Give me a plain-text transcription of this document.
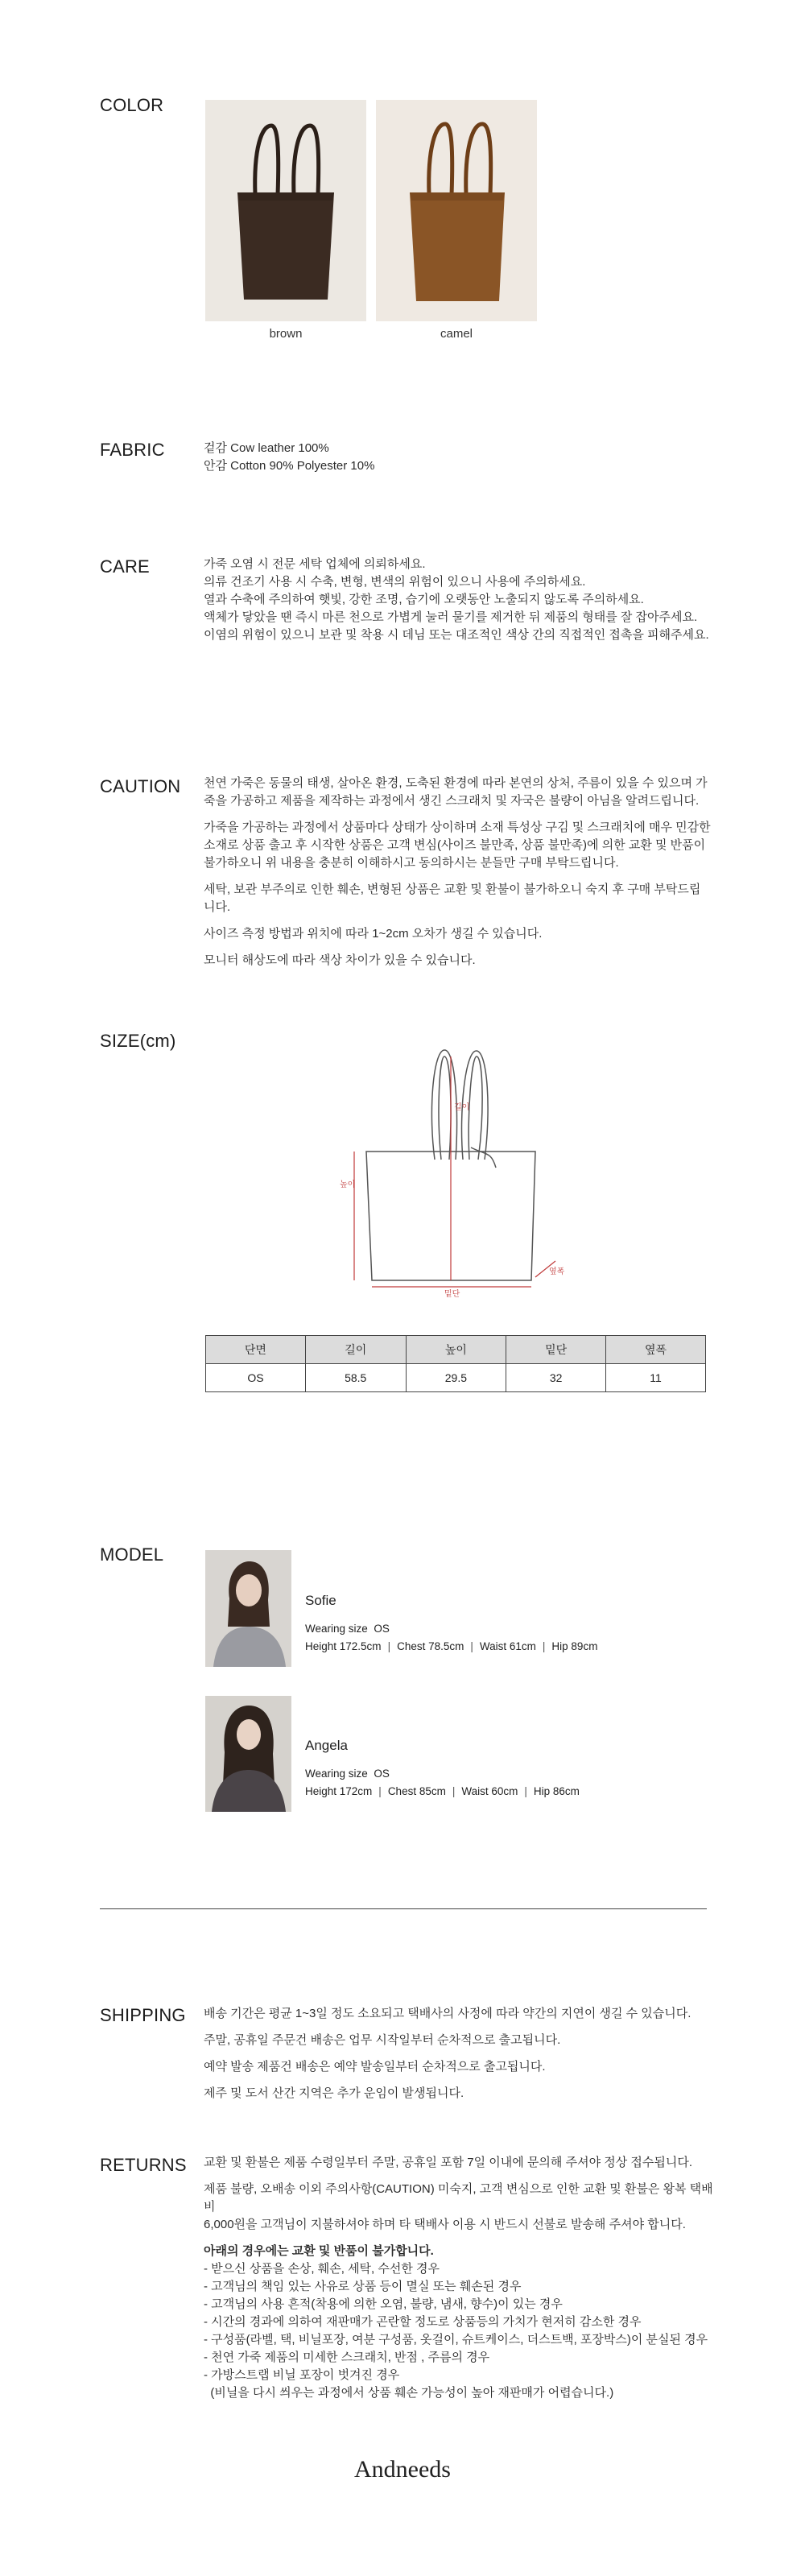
COLOR
brown	camel
FABRIC	겉감 Cow leather 100%
안감 Cotton 90% Polyester 10%
CARE	가죽 오염 시 전문 세탁 업체에 의뢰하세요.
의류 건조기 사용 시 수축, 변형, 변색의 위험이 있으니 사용에 주의하세요.
열과 수축에 주의하여 햇빛, 강한 조명, 습기에 오랫동안 노출되지 않도록 주의하세요.
액체가 닿았을 땐 즉시 마른 천으로 가볍게 눌러 물기를 제거한 뒤 제품의 형태를 잘 잡아주세요.
이염의 위험이 있으니 보관 및 착용 시 데님 또는 대조적인 색상 간의 직접적인 접촉을 피해주세요.
CAUTION 천연 가죽은 동물의 태생, 살아온 환경, 도축된 환경에 따라 본연의 상처, 주름이 있을 수 있으며 가
죽을 가공하고 제품을 제작하는 과정에서 생긴 스크래치 및 자국은 불량이 아님을 알려드립니다.
가죽을 가공하는 과정에서 상품마다 상태가 상이하며 소재 특성상 구김 및 스크래치에 매우 민감한
소재로 상품 출고 후 시작한 상품은 고객 변심(사이즈 불만족, 상품 불만족)에 의한 교환 및 반품이
불가하오니 위 내용을 충분히 이해하시고 동의하시는 분들만 구매 부탁드립니다.
세탁, 보관 부주의로 인한 훼손, 변형된 상품은 교환 및 환불이 불가하오니 숙지 후 구매 부탁드립니다.
사이즈 측정 방법과 위치에 따라 1~2cm 오차가 생길 수 있습니다.
모니터 해상도에 따라 색상 차이가 있을 수 있습니다.
SIZE(cm)
길이
높이
밑단
옆폭
단면	길이	높이	밑단	옆폭
OS	58.5	29.5	32	11
MODEL
Sofie
Wearing size OS
Height 172.5cm | Chest 78.5cm | Waist 61cm | Hip 89cm
Angela
Wearing size OS
Height 172cm | Chest 85cm | Waist 60cm | Hip 86cm
SHIPPING 배송 기간은 평균 1~3일 정도 소요되고 택배사의 사정에 따라 약간의 지연이 생길 수 있습니다.
주말, 공휴일 주문건 배송은 업무 시작일부터 순차적으로 출고됩니다.
예약 발송 제품건 배송은 예약 발송일부터 순차적으로 출고됩니다.
제주 및 도서 산간 지역은 추가 운임이 발생됩니다.
RETURNS 교환 및 환불은 제품 수령일부터 주말, 공휴일 포함 7일 이내에 문의해 주셔야 정상 접수됩니다.
제품 불량, 오배송 이외 주의사항(CAUTION) 미숙지, 고객 변심으로 인한 교환 및 환불은 왕복 택배비
6,000원을 고객님이 지불하셔야 하며 타 택배사 이용 시 반드시 선불로 발송해 주셔야 합니다.
아래의 경우에는 교환 및 반품이 불가합니다.
- 받으신 상품을 손상, 훼손, 세탁, 수선한 경우
- 고객님의 책임 있는 사유로 상품 등이 멸실 또는 훼손된 경우
- 고객님의 사용 흔적(착용에 의한 오염, 불량, 냄새, 향수)이 있는 경우
- 시간의 경과에 의하여 재판매가 곤란할 정도로 상품등의 가치가 현저히 감소한 경우
- 구성품(라벨, 택, 비닐포장, 여분 구성품, 옷걸이, 슈트케이스, 더스트백, 포장박스)이 분실된 경우
- 천연 가죽 제품의 미세한 스크래치, 반점 , 주름의 경우
- 가방스트랩 비닐 포장이 벗겨진 경우
(비닐을 다시 씌우는 과정에서 상품 훼손 가능성이 높아 재판매가 어렵습니다.)
Andneeds
